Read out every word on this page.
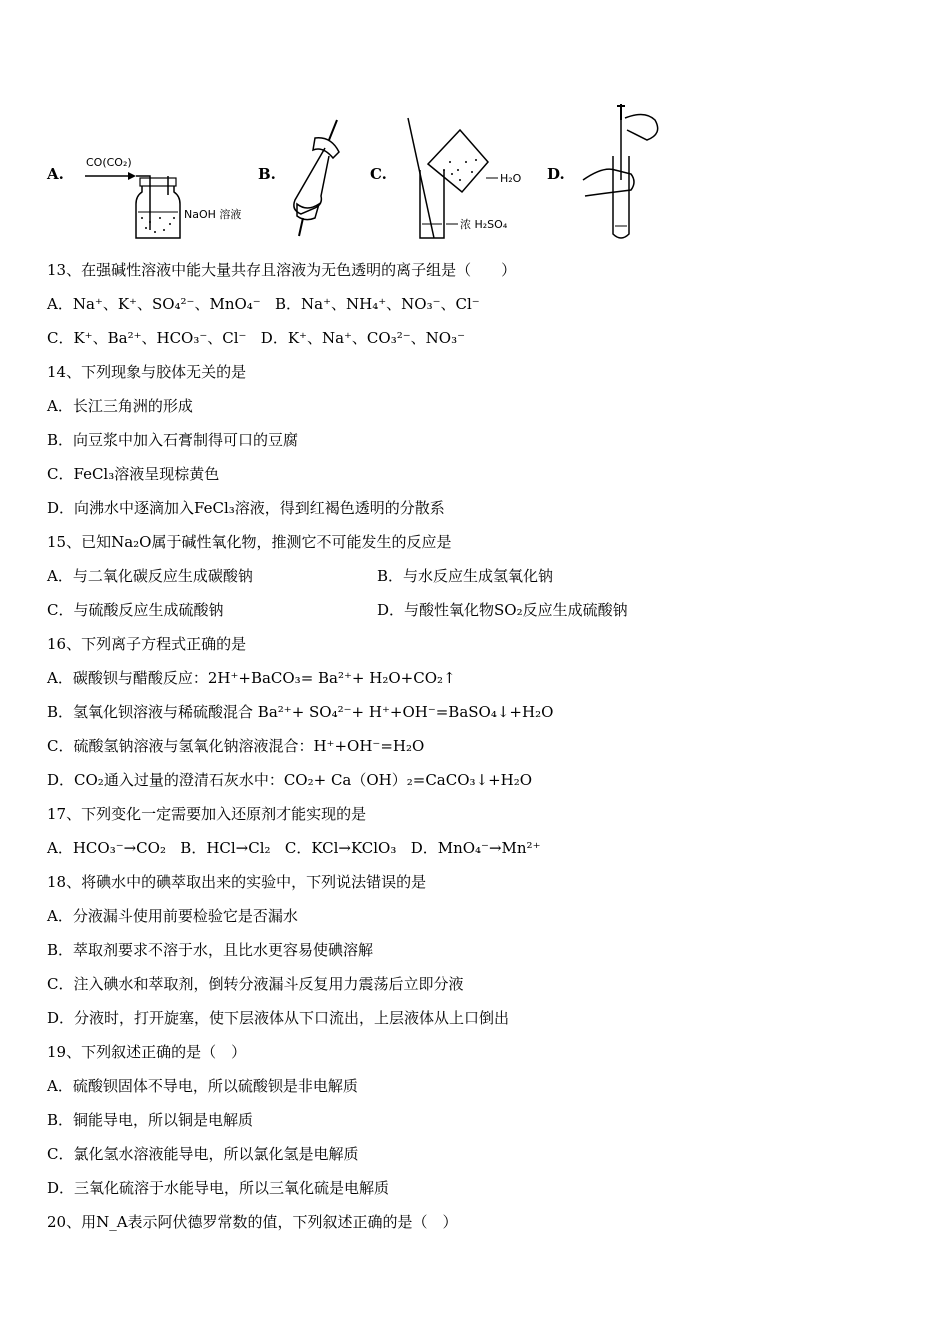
A.
CO(CO₂)
NaOH 溶液
B.	C.	H₂O
浓 H₂SO₄
D.
13、在强碱性溶液中能大量共存且溶液为无色透明的离子组是（　　）
A．Na⁺、K⁺、SO₄²⁻、MnO₄⁻ B．Na⁺、NH₄⁺、NO₃⁻、Cl⁻
C．K⁺、Ba²⁺、HCO₃⁻、Cl⁻ D．K⁺、Na⁺、CO₃²⁻、NO₃⁻
14、下列现象与胶体无关的是
A．长江三角洲的形成
B．向豆浆中加入石膏制得可口的豆腐
C．FeCl₃溶液呈现棕黄色
D．向沸水中逐滴加入FeCl₃溶液，得到红褐色透明的分散系
15、已知Na₂O属于碱性氧化物，推测它不可能发生的反应是
A．与二氧化碳反应生成碳酸钠	B．与水反应生成氢氧化钠
C．与硫酸反应生成硫酸钠	D．与酸性氧化物SO₂反应生成硫酸钠
16、下列离子方程式正确的是
A．碳酸钡与醋酸反应：2H⁺+BaCO₃= Ba²⁺+ H₂O+CO₂↑
B．氢氧化钡溶液与稀硫酸混合 Ba²⁺+ SO₄²⁻+ H⁺+OH⁻=BaSO₄↓+H₂O
C．硫酸氢钠溶液与氢氧化钠溶液混合：H⁺+OH⁻=H₂O
D．CO₂通入过量的澄清石灰水中：CO₂+ Ca（OH）₂=CaCO₃↓+H₂O
17、下列变化一定需要加入还原剂才能实现的是
A．HCO₃⁻→CO₂ B．HCl→Cl₂ C．KCl→KClO₃ D．MnO₄⁻→Mn²⁺
18、将碘水中的碘萃取出来的实验中，下列说法错误的是
A．分液漏斗使用前要检验它是否漏水
B．萃取剂要求不溶于水，且比水更容易使碘溶解
C．注入碘水和萃取剂，倒转分液漏斗反复用力震荡后立即分液
D．分液时，打开旋塞，使下层液体从下口流出，上层液体从上口倒出
19、下列叙述正确的是（　）
A．硫酸钡固体不导电，所以硫酸钡是非电解质
B．铜能导电，所以铜是电解质
C．氯化氢水溶液能导电，所以氯化氢是电解质
D．三氧化硫溶于水能导电，所以三氧化硫是电解质
20、用N_A表示阿伏德罗常数的值，下列叙述正确的是（　）
